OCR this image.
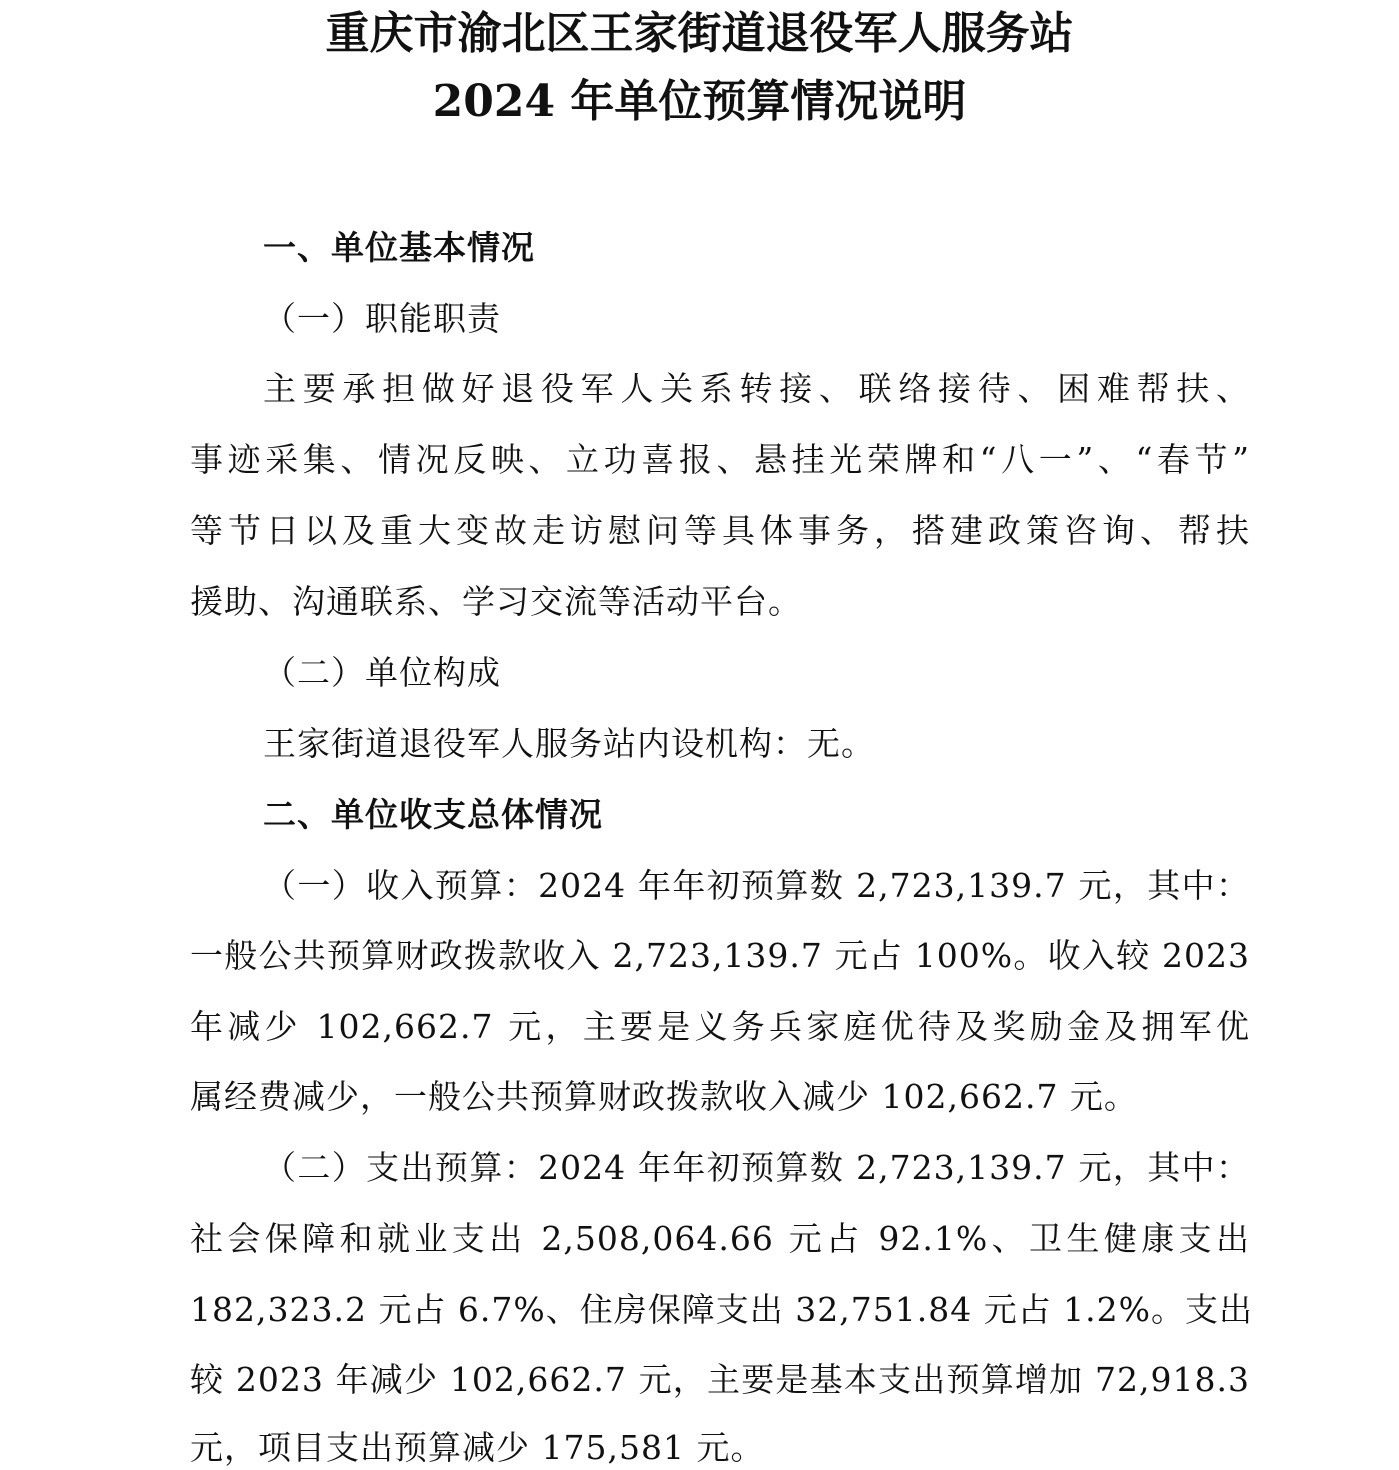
重庆市渝北区王家街道退役军人服务站
2024 年单位预算情况说明
一、单位基本情况
（一）职能职责
主要承担做好退役军人关系转接、联络接待、困难帮扶、
事迹采集、情况反映、立功喜报、悬挂光荣牌和“八一”、“春节”
等节日以及重大变故走访慰问等具体事务，搭建政策咨询、帮扶
援助、沟通联系、学习交流等活动平台。
（二）单位构成
王家街道退役军人服务站内设机构：无。
二、单位收支总体情况
（一）收入预算：2024 年年初预算数 2,723,139.7 元，其中：
一般公共预算财政拨款收入 2,723,139.7 元占 100%。收入较 2023
年减少 102,662.7 元，主要是义务兵家庭优待及奖励金及拥军优
属经费减少，一般公共预算财政拨款收入减少 102,662.7 元。
（二）支出预算：2024 年年初预算数 2,723,139.7 元，其中：
社会保障和就业支出 2,508,064.66 元占 92.1%、卫生健康支出
182,323.2 元占 6.7%、住房保障支出 32,751.84 元占 1.2%。支出
较 2023 年减少 102,662.7 元，主要是基本支出预算增加 72,918.3
元，项目支出预算减少 175,581 元。
